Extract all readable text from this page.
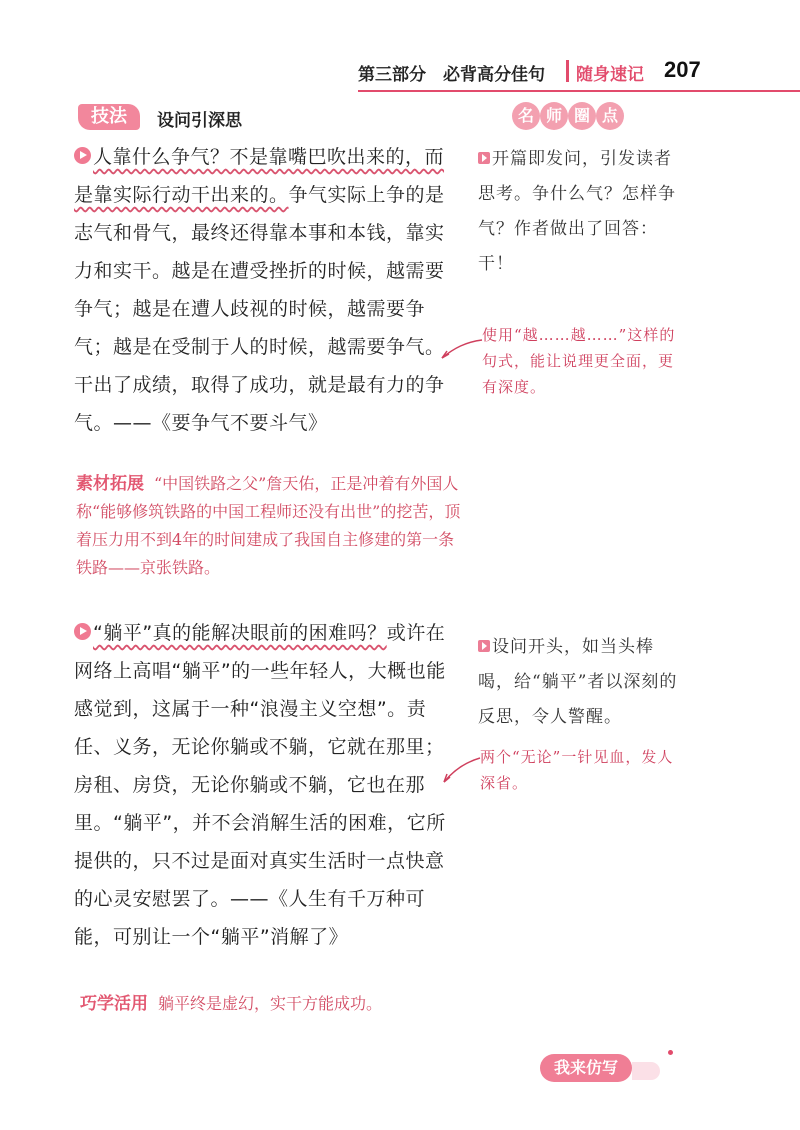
第三部分　必背高分佳句 随身速记 207
技法	设问引深思	名 师 圈 点

人靠什么争气？不是靠嘴巴吹出来的，而是靠实际行动干出来的。争气实际上争的是志气和骨气，最终还得靠本事和本钱，靠实力和实干。越是在遭受挫折的时候，越需要争气；越是在遭人歧视的时候，越需要争气；越是在受制于人的时候，越需要争气。干出了成绩，取得了成功，就是最有力的争气。——《要争气不要斗气》

素材拓展 “中国铁路之父”詹天佑，正是冲着有外国人称“能够修筑铁路的中国工程师还没有出世”的挖苦，顶着压力用不到4年的时间建成了我国自主修建的第一条铁路——京张铁路。

“躺平”真的能解决眼前的困难吗？或许在网络上高唱“躺平”的一些年轻人，大概也能感觉到，这属于一种“浪漫主义空想”。责任、义务，无论你躺或不躺，它就在那里；房租、房贷，无论你躺或不躺，它也在那里。“躺平”，并不会消解生活的困难，它所提供的，只不过是面对真实生活时一点快意的心灵安慰罢了。——《人生有千万种可能，可别让一个“躺平”消解了》

巧学活用 躺平终是虚幻，实干方能成功。
开篇即发问，引发读者思考。争什么气？怎样争气？作者做出了回答：干！
使用“越……越……”这样的句式，能让说理更全面，更有深度。
设问开头，如当头棒喝，给“躺平”者以深刻的反思，令人警醒。
两个“无论”一针见血，发人深省。
我来仿写
